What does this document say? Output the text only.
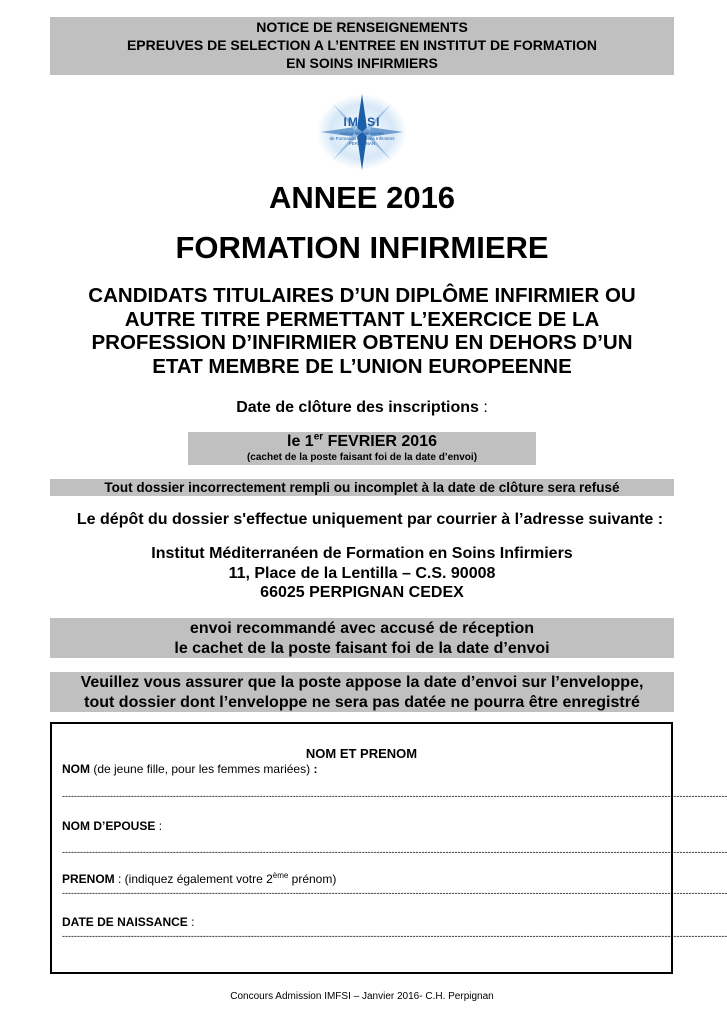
NOTICE DE RENSEIGNEMENTS
EPREUVES DE SELECTION A L’ENTREE EN INSTITUT DE FORMATION
EN SOINS INFIRMIERS
IMFSI
Institut Méditerranéen
de Formation en Soins Infirmiers
PERPIGNAN
ANNEE 2016
FORMATION INFIRMIERE
CANDIDATS TITULAIRES D’UN DIPLÔME INFIRMIER OU
AUTRE TITRE PERMETTANT L’EXERCICE DE LA
PROFESSION D’INFIRMIER OBTENU EN DEHORS D’UN
ETAT MEMBRE DE L’UNION EUROPEENNE
Date de clôture des inscriptions :
le 1er FEVRIER 2016
(cachet de la poste faisant foi de la date d’envoi)
Tout dossier incorrectement rempli ou incomplet à la date de clôture sera refusé
Le dépôt du dossier s'effectue uniquement par courrier à l’adresse suivante :
Institut Méditerranéen de Formation en Soins Infirmiers
11, Place de la Lentilla – C.S. 90008
66025 PERPIGNAN CEDEX
envoi recommandé avec accusé de réception
le cachet de la poste faisant foi de la date d’envoi
Veuillez vous assurer que la poste appose la date d’envoi sur l’enveloppe,
tout dossier dont l’enveloppe ne sera pas datée ne pourra être enregistré
NOM ET PRENOM
NOM (de jeune fille, pour les femmes mariées) :
------------------------------------------------------------------------------------------------------------------------------------------------------------------------------------------------------------------------------
NOM D’EPOUSE :
------------------------------------------------------------------------------------------------------------------------------------------------------------------------------------------------------------------------------
PRENOM : (indiquez également votre 2ème prénom)
------------------------------------------------------------------------------------------------------------------------------------------------------------------------------------------------------------------------------
DATE DE NAISSANCE :
------------------------------------------------------------------------------------------------------------------------------------------------------------------------------------------------------------------------------
Concours Admission IMFSI – Janvier 2016- C.H. Perpignan
